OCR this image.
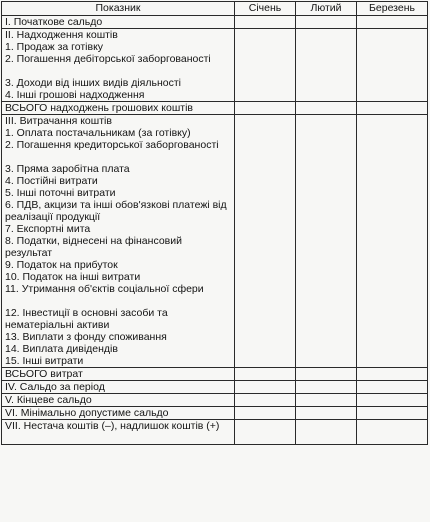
Показник	Січень	Лютий	Березень
І. Початкове сальдо			
ІІ. Надходження коштів			
1. Продаж за готівку			
2. Погашення дебіторської заборгованості			
3. Доходи від інших видів діяльності			
4. Інші грошові надходження			
ВСЬОГО надходжень грошових коштів			
ІІІ. Витрачання коштів			
1. Оплата постачальникам (за готівку)			
2. Погашення кредиторської заборгованості			
3. Пряма заробітна плата			
4. Постійні витрати			
5. Інші поточні витрати			
6. ПДВ, акцизи та інші обов'язкові платежі від реалізації продукції			
7. Експортні мита			
8. Податки, віднесені на фінансовий результат			
9. Податок на прибуток			
10. Податок на інші витрати			
11. Утримання об'єктів соціальної сфери			
12. Інвестиції в основні засоби та нематеріальні активи			
13. Виплати з фонду споживання			
14. Виплата дивідендів			
15. Інші витрати			
ВСЬОГО витрат			
IV. Сальдо за період			
V. Кінцеве сальдо			
VI. Мінімально допустиме сальдо			
VII. Нестача коштів (–), надлишок коштів (+)			
